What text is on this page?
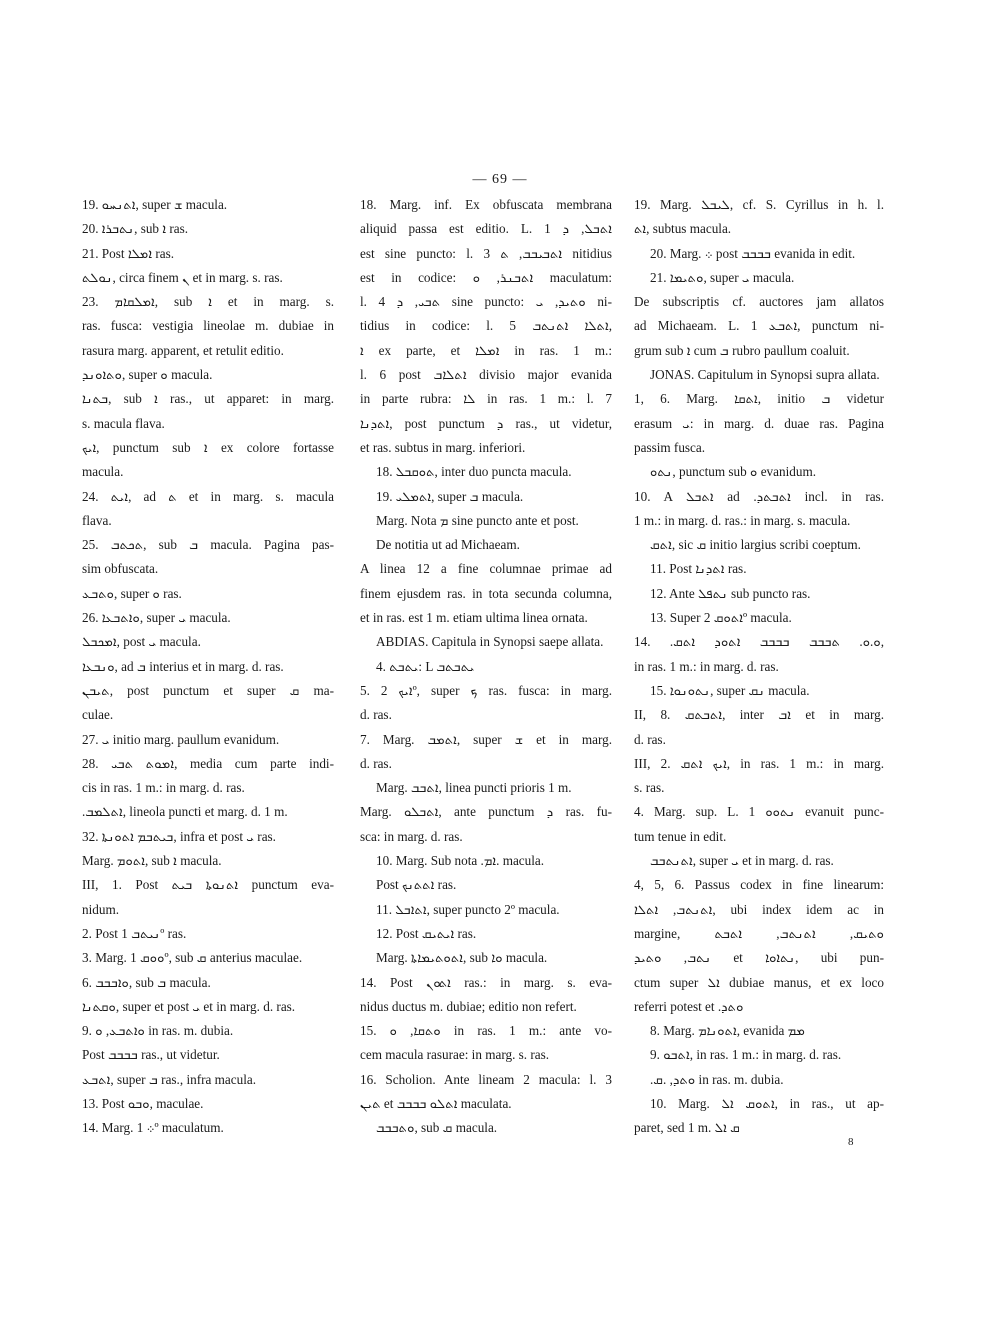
— 69 —
19. ܐܬܢܚܘ, super ܫ macula.
20. ܢܬܒܪܐ, sub ܐ ras.
21. Post ܐܡܠܐ ras.
ܢܘܠܬ, circa finem ܢ et in marg. s. ras.
23. ܐܡܠܩܐܡ, sub ܐ et in marg. s.
ras. fusca: vestigia lineolae m. dubiae in
rasura marg. apparent, et retulit editio.
ܘܬܐܘܢܕ, super ܘ macula.
ܒܬܢܐ, sub ܐ ras., ut apparet: in marg.
s. macula flava.
ܐܝܟ, punctum sub ܐ ex colore fortasse
macula.
24. ܐܝܬ, ad ܬ et in marg. s. macula
flava.
25. ܬܟܬܒ, sub ܒ macula. Pagina pas-
sim obfuscata.
ܘܬܒܥ, super ܘ ras.
26. ܘܐܬܒܥܐ, super ܝ macula.
ܐܡܟܒܠ, post ܝ macula.
ܘܢܒܥܐ, ad ܒ interius et in marg. d. ras.
ܬܝܒܢ, post punctum et super ܩ ma-
culae.
27. ܝ initio marg. paullum evanidum.
28. ܐܡܘܬ ܬܒܝ, media cum parte indi-
cis in ras. 1 m.: in marg. d. ras.
.ܐܬܠܡܒ, lineola puncti et marg. d. 1 m.
32. ܒܝܬܒܡ ܐܬܘܢܬܐ, infra et post ܝ ras.
Marg. ܐܬܘܡ, sub ܐ macula.
III, 1. Post ܐܬܢܘܬܐ ܒܝܬ punctum eva-
nidum.
2. Post ܢܝܬܒ 1º ras.
3. Marg. ܘܘܩ 1º, sub ܩ anterius maculae.
6. ܘܐܒܒܒ, sub ܒ macula.
ܘܩܬܢܐ, super et post ܝ et in marg. d. ras.
9. ܘܐܬܒܥ, ܘ in ras. m. dubia.
Post ܒܒܒܒ ras., ut videtur.
ܐܬܒܥ, super ܒ ras., infra macula.
13. Post ܘܒܘ, maculae.
14. Marg. ܀ 1º maculatum.
18. Marg. inf. Ex obfuscata membrana
aliquid passa est editio. L. 1 ܐܬܒܠ, ܕ
est sine puncto: l. 3 ܐܬܒܝܒܒ, ܬ nitidius
est in codice: ܐܬܒܢܪ, ܘ maculatum:
l. 4 ܬܒܝ, ܕ sine puncto: ܘܬܝܕ, ܝ ni-
tidius in codice: l. 5 ܐܬܠܐ ܐܬܢܬܒ,
ܐ ex parte, et ܐܡܠܐ in ras. 1 m.:
l. 6 post ܐܬܠܐܒ divisio major evanida
in parte rubra: ܠܐ in ras. 1 m.: l. 7
ܐܬܕܢܐ, post punctum ܕ ras., ut videtur,
et ras. subtus in marg. inferiori.
18. ܬܘܩܒܠ, inter duo puncta macula.
19. ܐܬܡܠܝ, super ܒ macula.
Marg. Nota ܡ sine puncto ante et post.
De notitia ut ad Michaeam.
A linea 12 a fine columnae primae ad
finem ejusdem ras. in tota secunda columna,
et in ras. est 1 m. etiam ultima linea ornata.
ABDIAS. Capitula in Synopsi saepe allata.
4. ܝܬܒܬ: L ܝܬܒܬܒ
5. ܐܝܟ 2º, super ܟ ras. fusca: in marg.
d. ras.
7. Marg. ܐܬܡܒ, super ܫ et in marg.
d. ras.
Marg. ܐܬܒܒ, linea puncti prioris 1 m.
Marg. ܐܬܒܠܘ, ante punctum ܕ ras. fu-
sca: in marg. d. ras.
10. Marg. Sub nota .ܐܡ. macula.
Post ܐܬܬܢܟ ras.
11. ܐܬܐܒܠ, super puncto 2º macula.
12. Post ܐܝܬܝܩ ras.
Marg. ܐܬܘܬܝܡܐܬܐ, sub ܘܐ macula.
14. Post ܐܬܘܢ ras.: in marg. s. eva-
nidus ductus m. dubiae; editio non refert.
15. ܘܬܩܐ, ܘ in ras. 1 m.: ante vo-
cem macula rasurae: in marg. s. ras.
16. Scholion. Ante lineam 2 macula: l. 3
ܬܝܢ et ܐܬܠܘ ܒܒܒܒ maculata.
ܘܬܒܒܒ, sub ܩ macula.
19. Marg. ܠܝܒܠ, cf. S. Cyrillus in h. l.
ܐܬ, subtus macula.
20. Marg. ܀ post ܒܒܒܒ evanida in edit.
21. ܘܬܝܡܐ, super ܝ macula.
De subscriptis cf. auctores jam allatos
ad Michaeam. L. 1 ܐܬܒܥ, punctum ni-
grum sub ܐ cum ܒ rubro paullum coaluit.
JONAS. Capitulum in Synopsi supra allata.
1, 6. Marg. ܐܬܩܐ, initio ܒ videtur
erasum ܝ: in marg. d. duae ras. Pagina
passim fusca.
ܢܬܘ, punctum sub ܘ evanidum.
10. A ܐܬܒܠ ad .ܐܬܒܬܕ incl. in ras.
1 m.: in marg. d. ras.: in marg. s. macula.
ܐܬܩ, sic ܩ initio largius scribi coeptum.
11. Post ܐܬܕܢܐ ras.
12. Ante ܢܬܦܠ sub puncto ras.
13. Super ܐܬܘܩ 2º macula.
14. .ܘ.ܘ. ܬܒܒܒ ܒܒܒܒ ܐܬܘܕ ܐܬܩ,
in ras. 1 m.: in marg. d. ras.
15. ܢܬܘܢܘܐ, super ܢܩ macula.
II, 8. ܐܬܒܬܩ, inter ܐܒ et in marg.
d. ras.
III, 2. ܐܝܟ ܐܬܩ, in ras. 1 m.: in marg.
s. ras.
4. Marg. sup. L. 1 ܢܬܘܘ evanuit punc-
tum tenue in edit.
ܐܬܢܬܒܒ, super ܝ et in marg. d. ras.
4, 5, 6. Passus codex in fine linearum:
ܐܬܢܬܒ, ܐܬܠܐ, ubi index idem ac in
margine, ܘܬܝܩ, ܐܬܢܬܒ, ܐܬܒܬ
ܢܬܒ, ܘܬܝܕ et ܢܬܐܘܐ, ubi pun-
ctum super ܐܠ dubiae manus, et ex loco
referri potest et .ܘܬܕ
8. Marg. ܐܬܘܢܐܡ, evanida ܡܡ
9. ܐܬܒܘ, in ras. 1 m.: in marg. d. ras.
.ܘܬܕ, .ܩ in ras. m. dubia.
10. Marg. ܐܬܘܩ ܐܠ, in ras., ut ap-
paret, sed 1 m. ܩ ܐܠ
8
